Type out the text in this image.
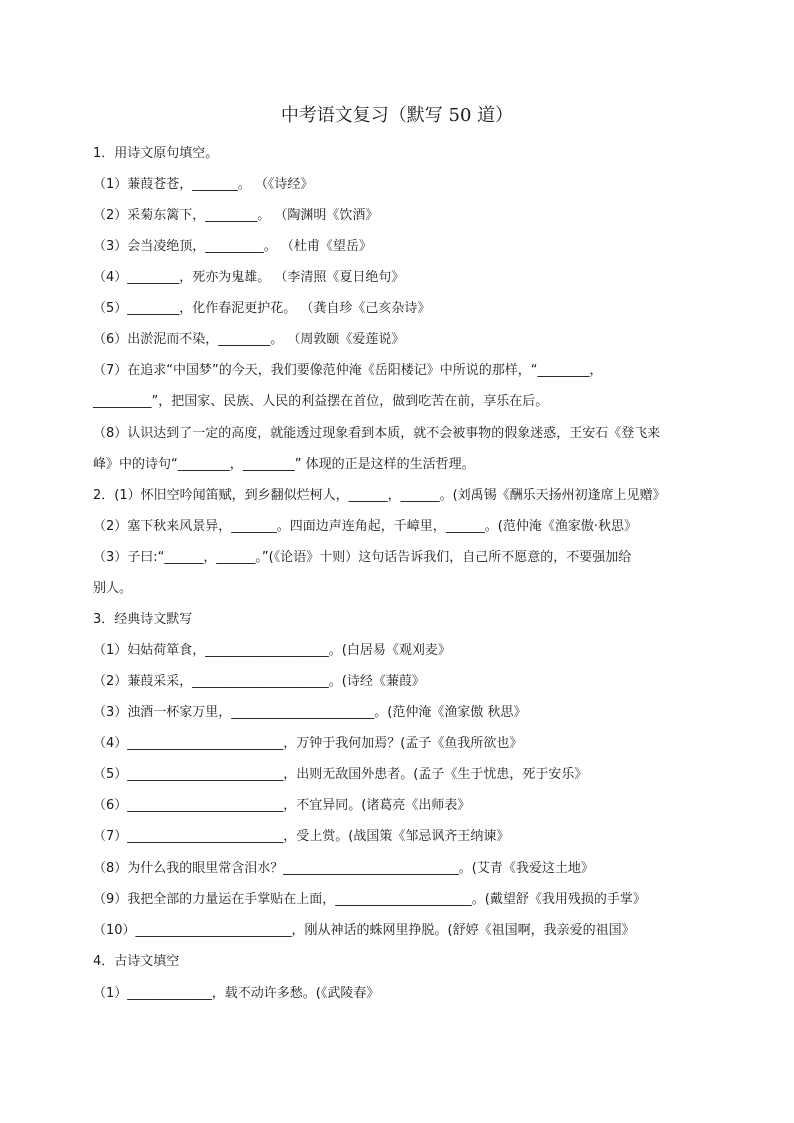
中考语文复习（默写 50 道）
1．用诗文原句填空。
（1）蒹葭苍苍，_______。 （《诗经》
（2）采菊东篱下，________。 （陶渊明《饮酒》
（3）会当凌绝顶，_________。 （杜甫《望岳》
（4）________，死亦为鬼雄。 （李清照《夏日绝句》
（5）________，化作春泥更护花。 （龚自珍《己亥杂诗》
（6）出淤泥而不染，________。 （周敦颐《爱莲说》
（7）在追求“中国梦”的今天，我们要像范仲淹《岳阳楼记》中所说的那样，“________，
_________”，把国家、民族、人民的利益摆在首位，做到吃苦在前，享乐在后。
（8）认识达到了一定的高度，就能透过现象看到本质，就不会被事物的假象迷惑，王安石《登飞来
峰》中的诗句“________，________” 体现的正是这样的生活哲理。
2．(1）怀旧空吟闻笛赋，到乡翻似烂柯人，______，______。(刘禹锡《酬乐天扬州初逢席上见赠》
（2）塞下秋来风景异，_______。四面边声连角起，千嶂里，______。(范仲淹《渔家傲·秋思》
（3）子曰:“______，______。”(《论语》十则）这句话告诉我们，自己所不愿意的，不要强加给
别人。
3．经典诗文默写
（1）妇姑荷箪食，___________________。(白居易《观刈麦》
（2）蒹葭采采，_____________________。(诗经《蒹葭》
（3）浊酒一杯家万里，______________________。(范仲淹《渔家傲 秋思》
（4）________________________，万钟于我何加焉？(孟子《鱼我所欲也》
（5）________________________，出则无敌国外患者。(孟子《生于忧患，死于安乐》
（6）________________________，不宜异同。(诸葛亮《出师表》
（7）________________________，受上赏。(战国策《邹忌讽齐王纳谏》
（8）为什么我的眼里常含泪水？___________________________。(艾青《我爱这土地》
（9）我把全部的力量运在手掌贴在上面，_____________________。(戴望舒《我用残损的手掌》
（10）________________________，刚从神话的蛛网里挣脱。(舒婷《祖国啊，我亲爱的祖国》
4．古诗文填空
（1）_____________，载不动许多愁。(《武陵春》
